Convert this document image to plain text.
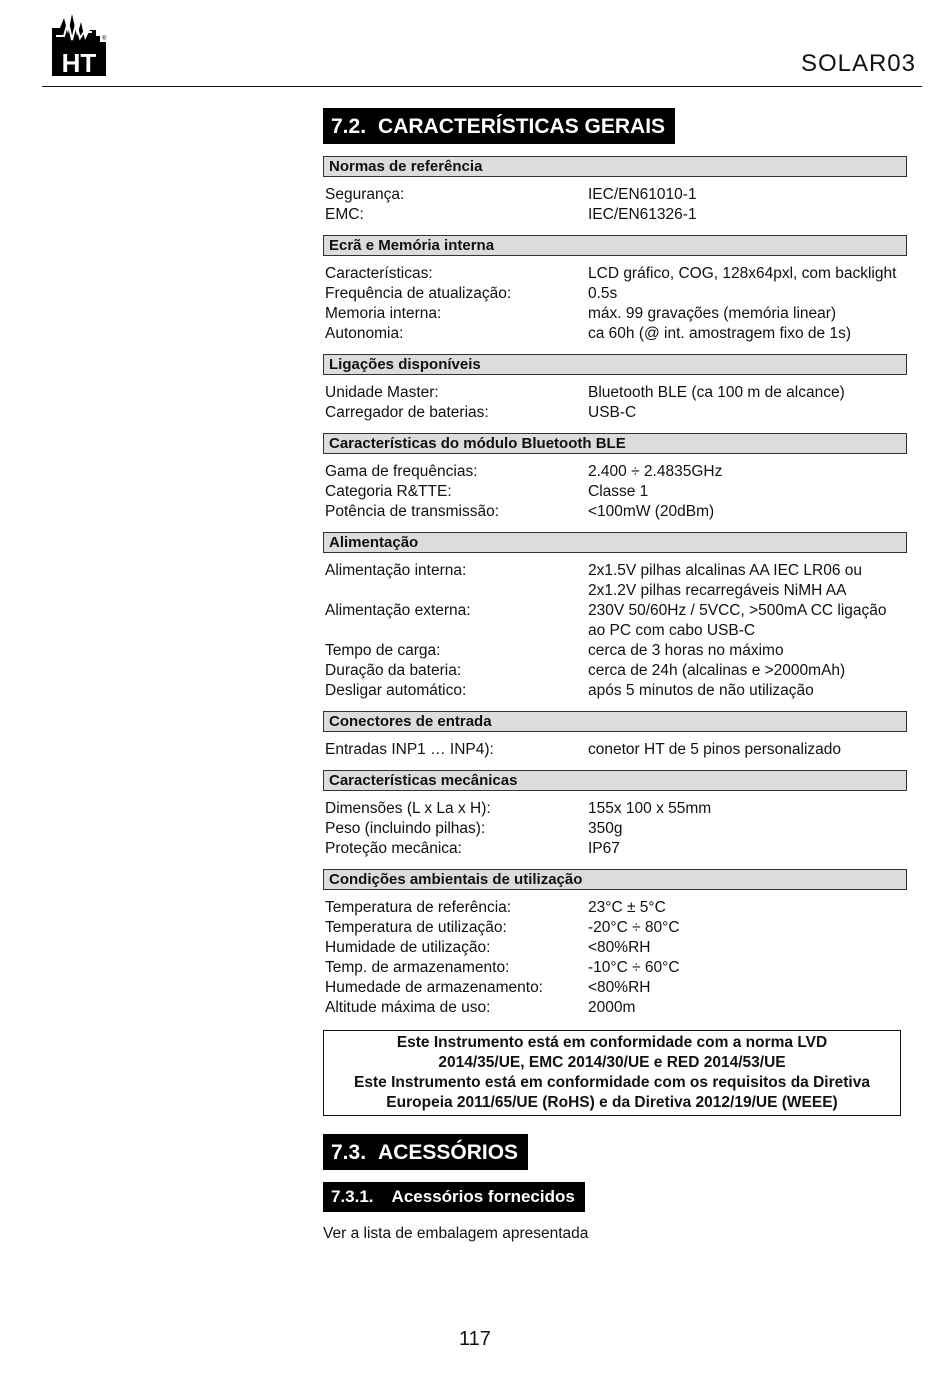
HT
®
SOLAR03
7.2. CARACTERÍSTICAS GERAIS
Normas de referência
Segurança:	IEC/EN61010-1
EMC:	IEC/EN61326-1
Ecrã e Memória interna
Características:	LCD gráfico, COG, 128x64pxl, com backlight
Frequência de atualização:	0.5s
Memoria interna:	máx. 99 gravações (memória linear)
Autonomia:	ca 60h (@ int. amostragem fixo de 1s)
Ligações disponíveis
Unidade Master:	Bluetooth BLE (ca 100 m de alcance)
Carregador de baterias:	USB-C
Características do módulo Bluetooth BLE
Gama de frequências:	2.400 ÷ 2.4835GHz
Categoria R&TTE:	Classe 1
Potência de transmissão:	<100mW (20dBm)
Alimentação
Alimentação interna:	2x1.5V pilhas alcalinas AA IEC LR06 ou 2x1.2V pilhas recarregáveis NiMH AA
Alimentação externa:	230V 50/60Hz / 5VCC, >500mA CC ligação ao PC com cabo USB-C
Tempo de carga:	cerca de 3 horas no máximo
Duração da bateria:	cerca de 24h (alcalinas e >2000mAh)
Desligar automático:	após 5 minutos de não utilização
Conectores de entrada
Entradas INP1 … INP4):	conetor HT de 5 pinos personalizado
Características mecânicas
Dimensões (L x La x H):	155x 100 x 55mm
Peso (incluindo pilhas):	350g
Proteção mecânica:	IP67
Condições ambientais de utilização
Temperatura de referência:	23°C ± 5°C
Temperatura de utilização:	-20°C ÷ 80°C
Humidade de utilização:	<80%RH
Temp. de armazenamento:	-10°C ÷ 60°C
Humedade de armazenamento:	<80%RH
Altitude máxima de uso:	2000m
Este Instrumento está em conformidade com a norma LVD
2014/35/UE, EMC 2014/30/UE e RED 2014/53/UE
Este Instrumento está em conformidade com os requisitos da Diretiva
Europeia 2011/65/UE (RoHS) e da Diretiva 2012/19/UE (WEEE)
7.3. ACESSÓRIOS
7.3.1. Acessórios fornecidos
Ver a lista de embalagem apresentada
117
